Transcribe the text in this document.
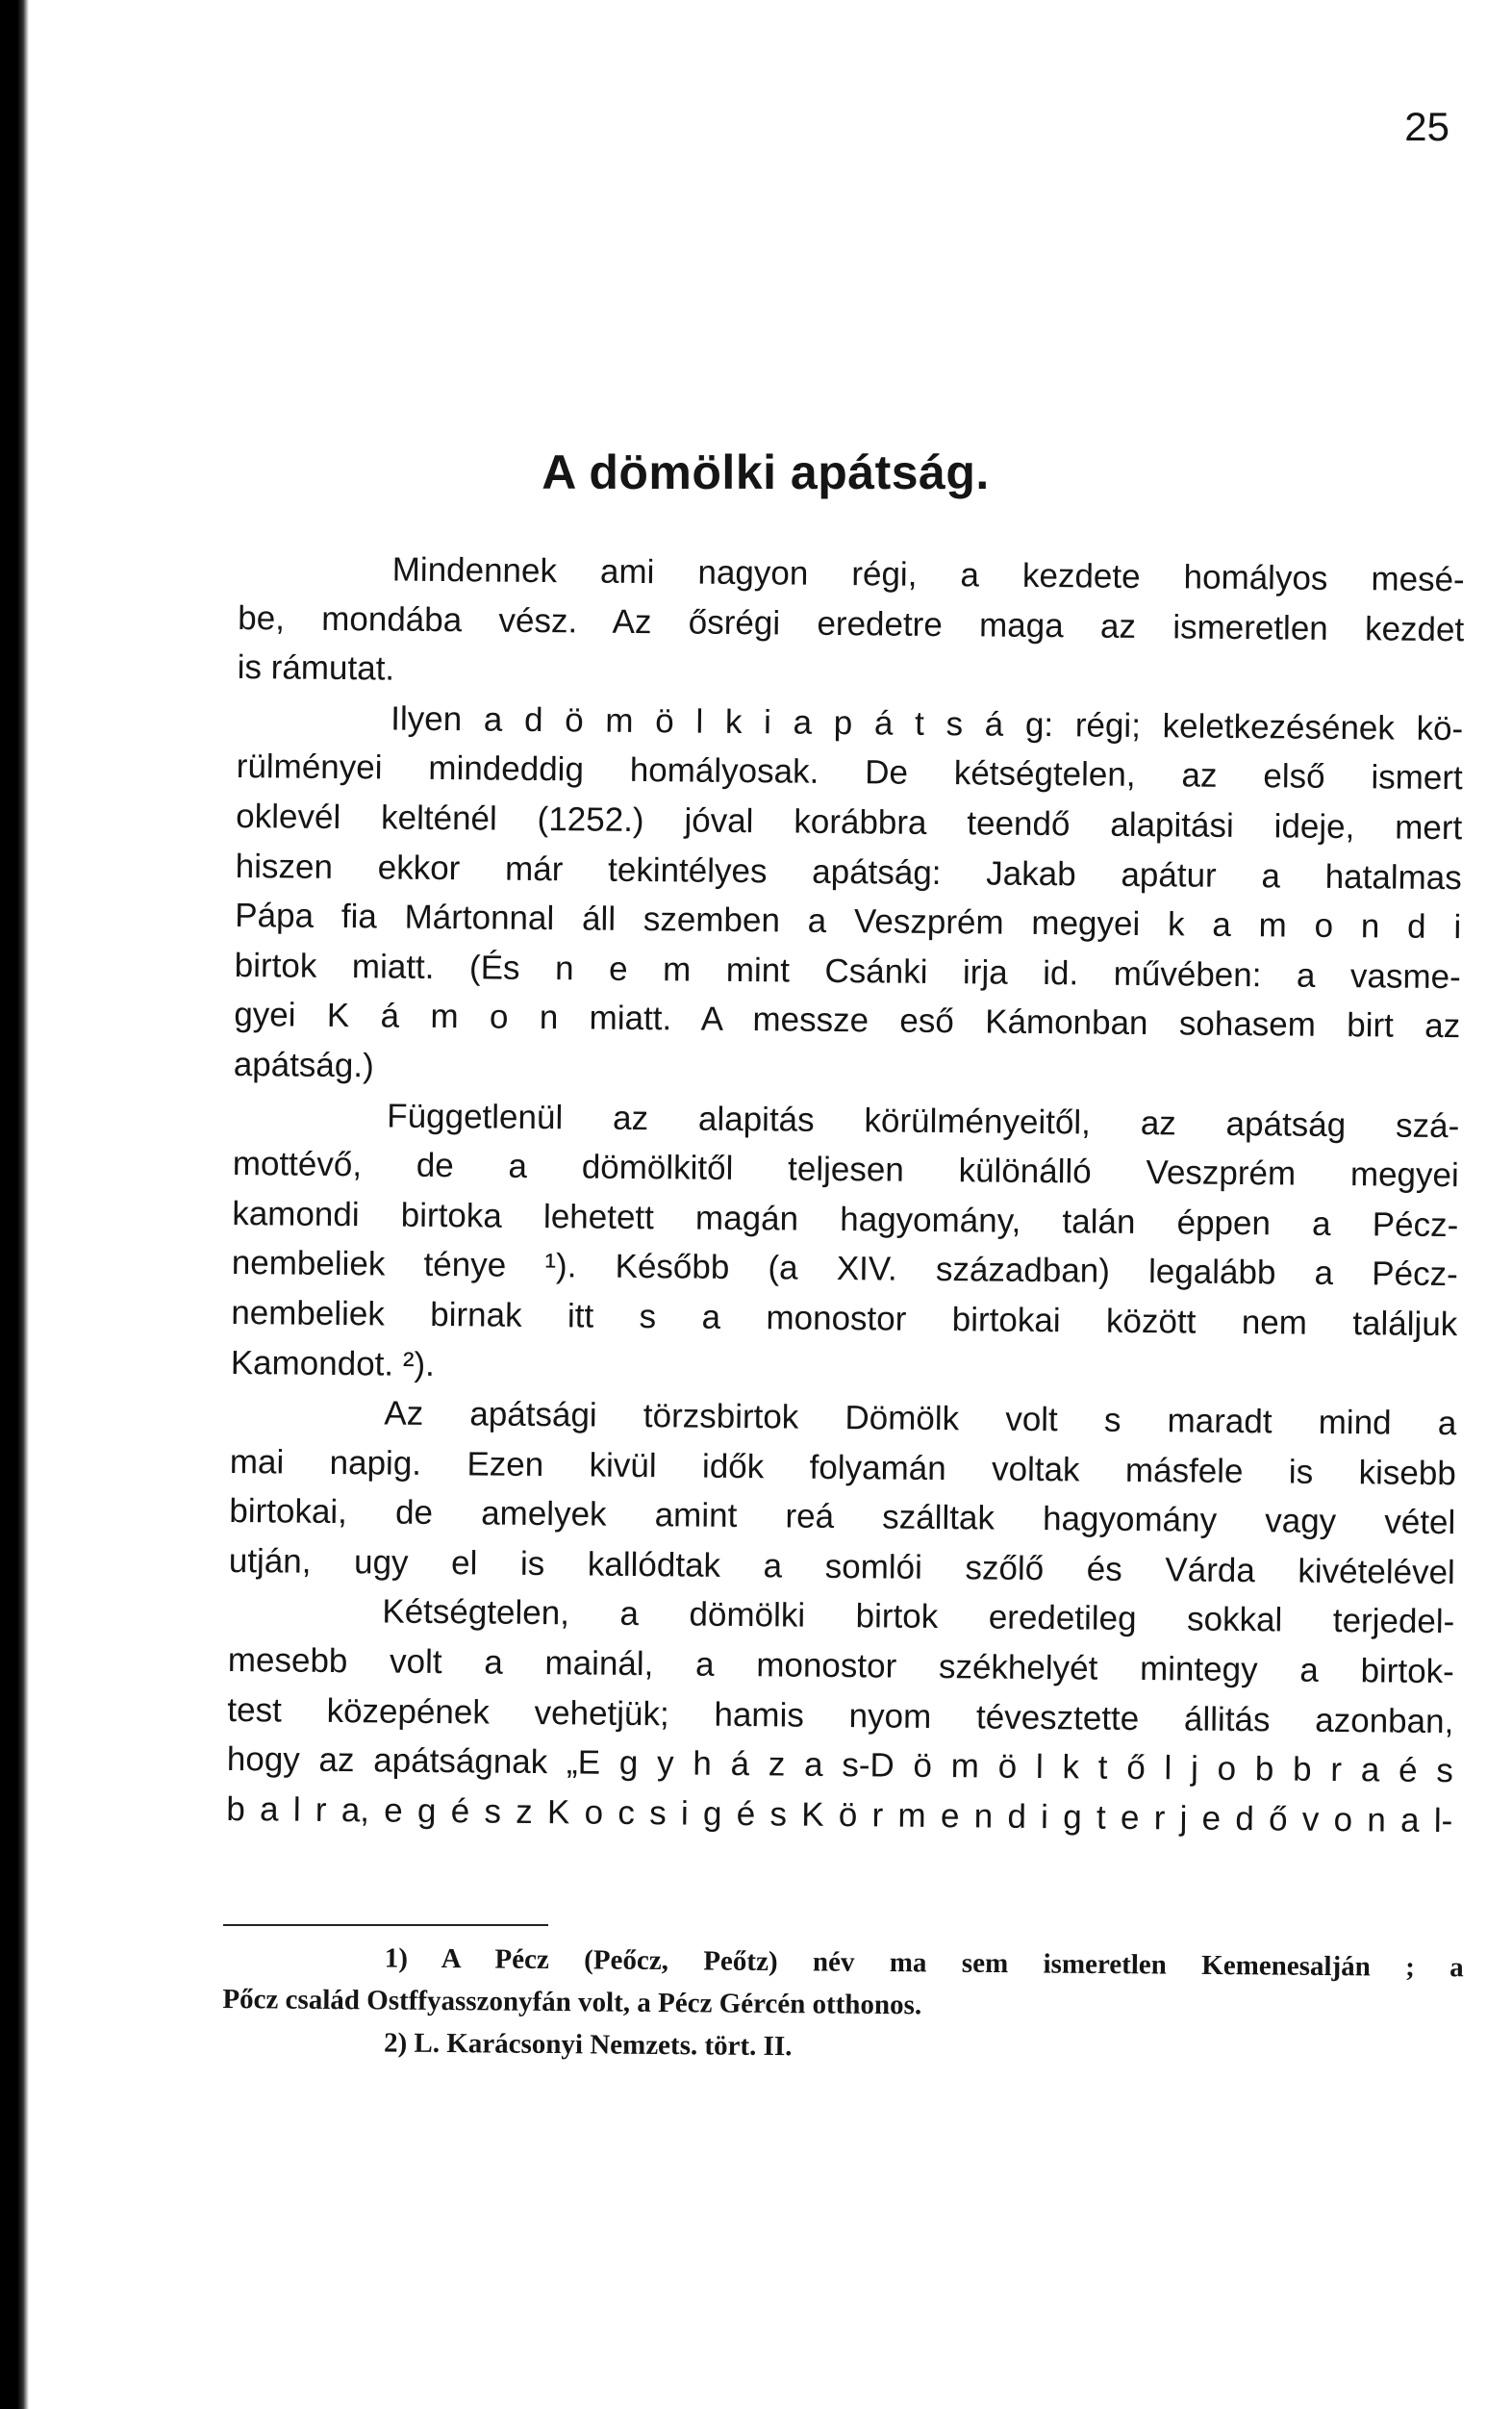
25
A dömölki apátság.
Mindennek ami nagyon régi, a kezdete homályos mesé-
be, mondába vész. Az ősrégi eredetre maga az ismeretlen kezdet
is rámutat.
Ilyen a d ö m ö l k i a p á t s á g: régi; keletkezésének kö-
rülményei mindeddig homályosak. De kétségtelen, az első ismert
oklevél kelténél (1252.) jóval korábbra teendő alapitási ideje, mert
hiszen ekkor már tekintélyes apátság: Jakab apátur a hatalmas
Pápa fia Mártonnal áll szemben a Veszprém megyei k a m o n d i
birtok miatt. (És n e m mint Csánki irja id. művében: a vasme-
gyei K á m o n miatt. A messze eső Kámonban sohasem birt az
apátság.)
Függetlenül az alapitás körülményeitől, az apátság szá-
mottévő, de a dömölkitől teljesen különálló Veszprém megyei
kamondi birtoka lehetett magán hagyomány, talán éppen a Pécz-
nembeliek ténye ¹). Később (a XIV. században) legalább a Pécz-
nembeliek birnak itt s a monostor birtokai között nem találjuk
Kamondot. ²).
Az apátsági törzsbirtok Dömölk volt s maradt mind a
mai napig. Ezen kivül idők folyamán voltak másfele is kisebb
birtokai, de amelyek amint reá szálltak hagyomány vagy vétel
utján, ugy el is kallódtak a somlói szőlő és Várda kivételével
Kétségtelen, a dömölki birtok eredetileg sokkal terjedel-
mesebb volt a mainál, a monostor székhelyét mintegy a birtok-
test közepének vehetjük; hamis nyom tévesztette állitás azonban,
hogy az apátságnak „E g y h á z a s-D ö m ö l k t ő l j o b b r a é s
b a l r a, e g é s z K o c s i g é s K ö r m e n d i g t e r j e d ő v o n a l-
1) A Pécz (Peőcz, Peőtz) név ma sem ismeretlen Kemenesalján ; a
Pőcz család Ostffyasszonyfán volt, a Pécz Gércén otthonos.
2) L. Karácsonyi Nemzets. tört. II.
